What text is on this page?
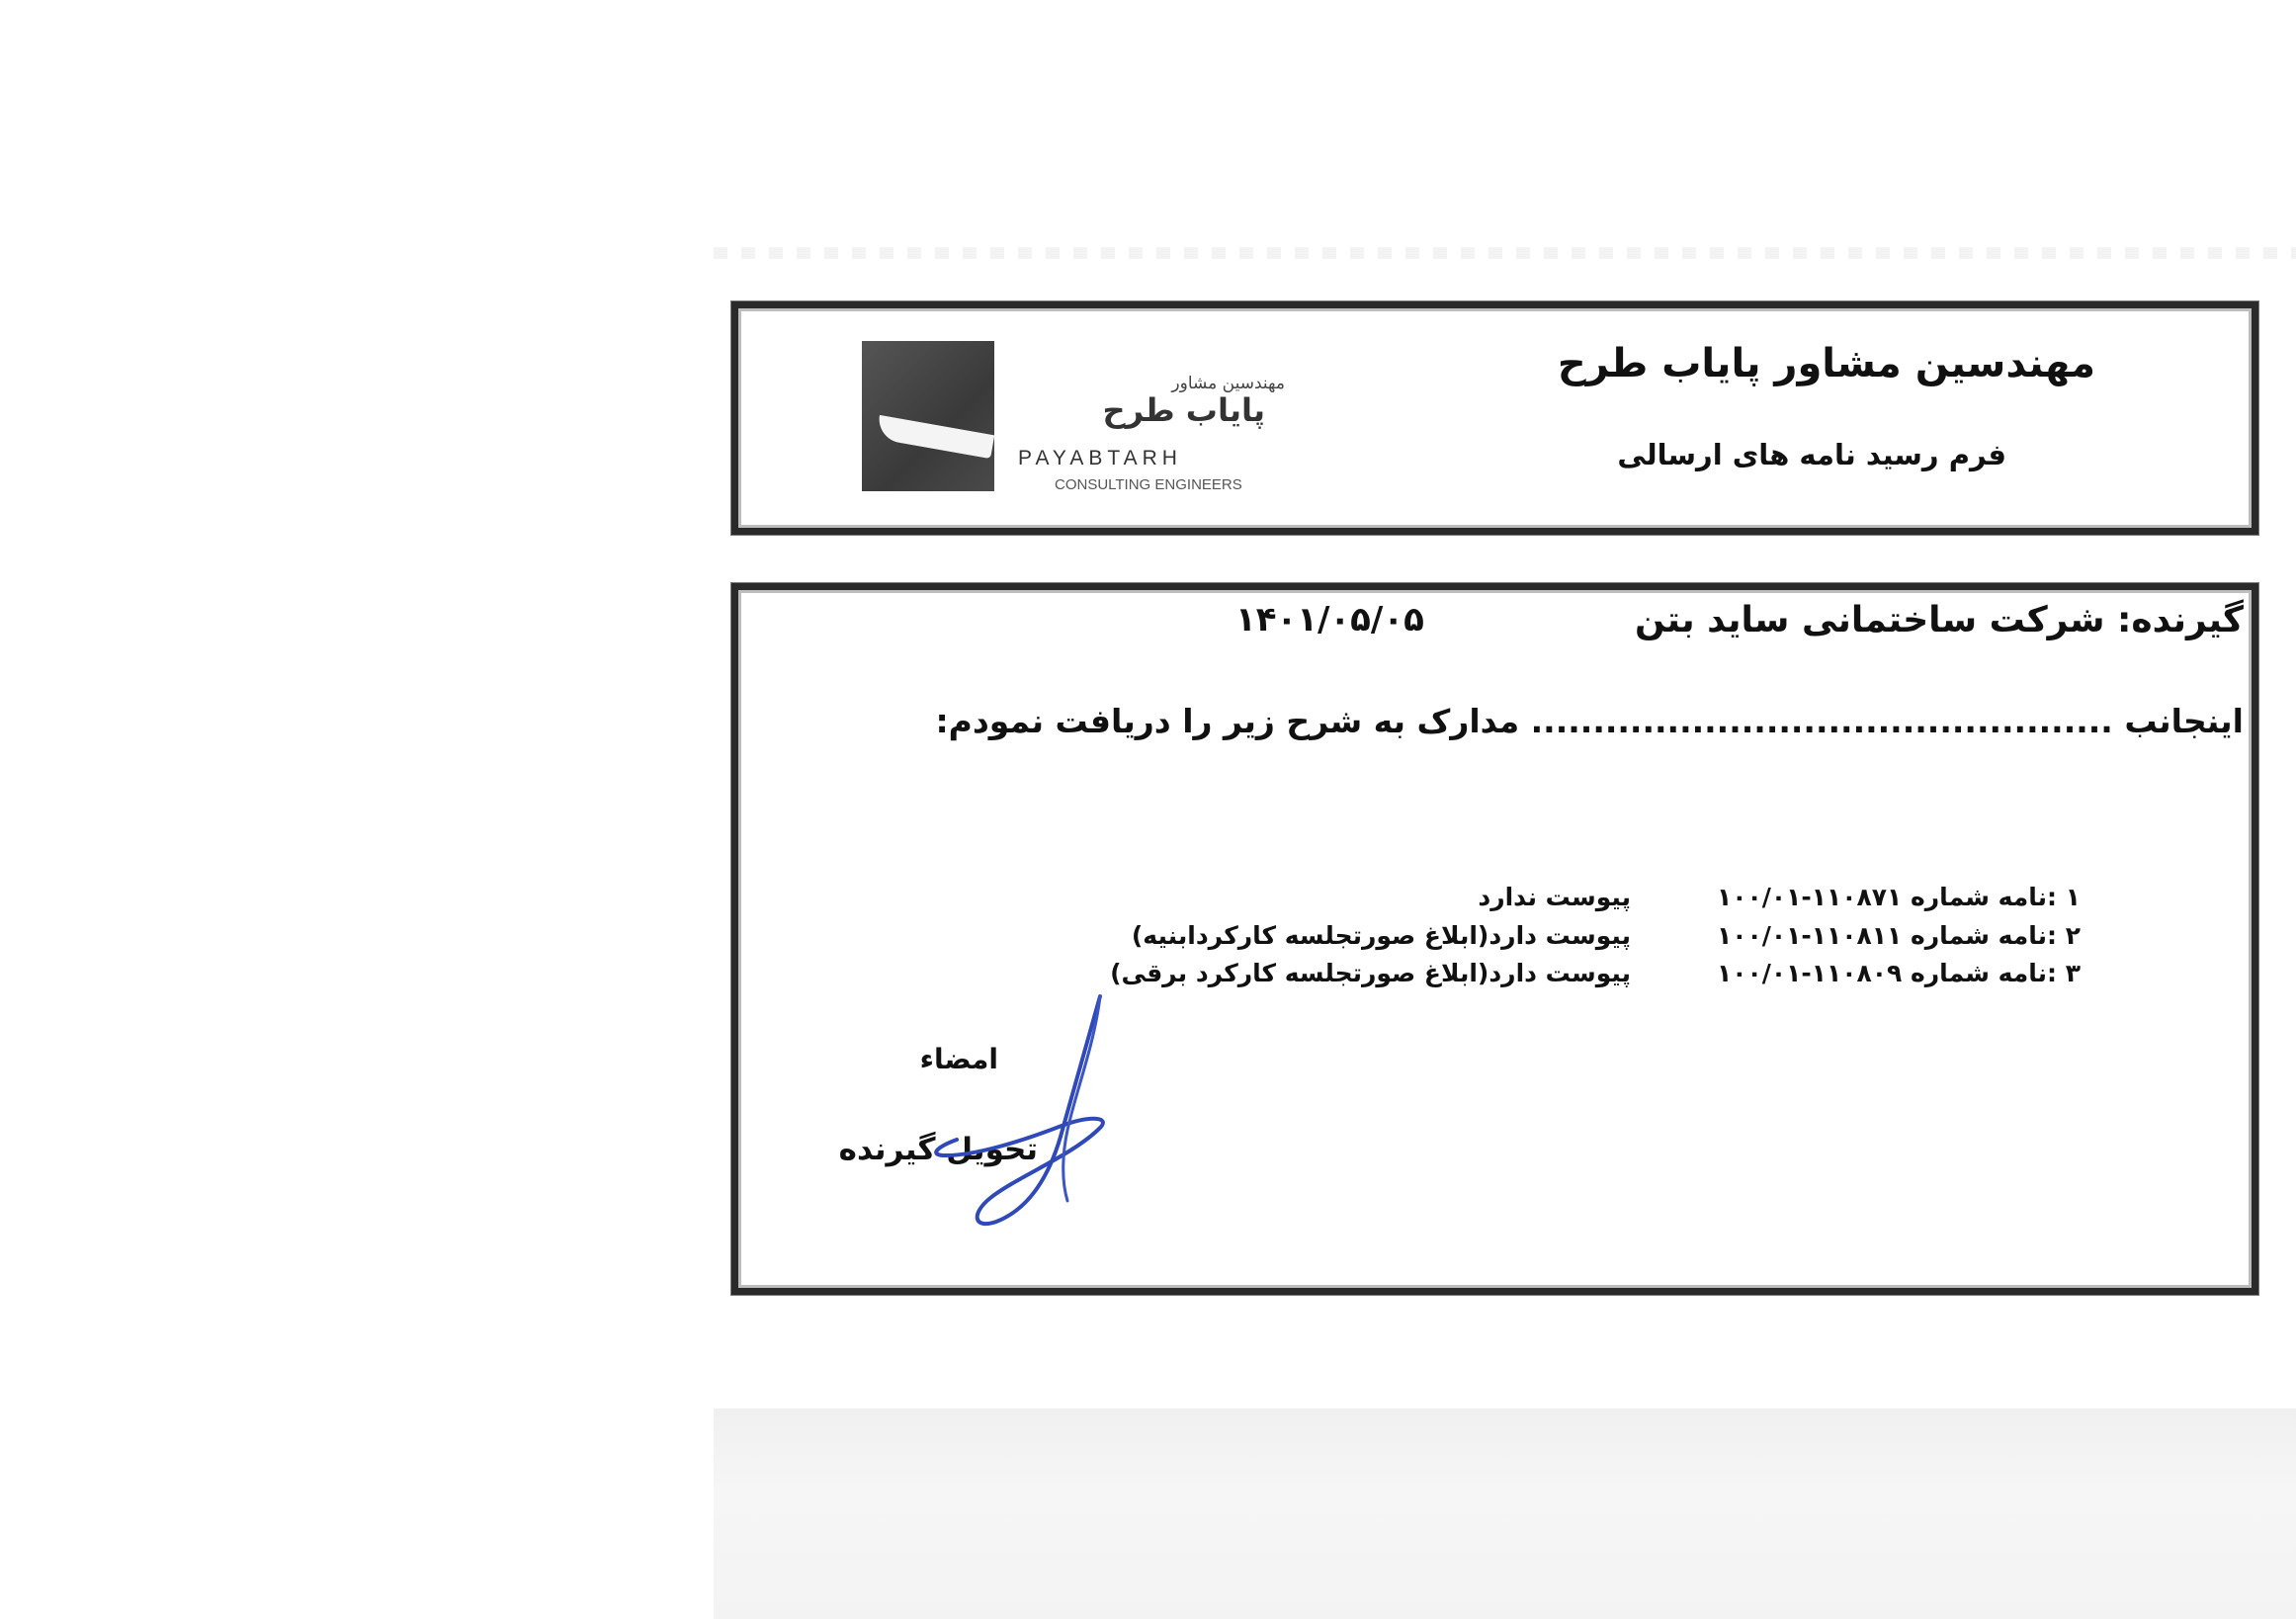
مهندسین مشاور
پایاب طرح
PAYABTARH
CONSULTING ENGINEERS
مهندسین مشاور پایاب طرح
فرم رسید نامه های ارسالی
گیرنده: شرکت ساختمانی ساید بتن
۱۴۰۱/۰۵/۰۵
اینجانب ............................................... مدارک به شرح زیر را دریافت نمودم:
۱ :نامه شماره ۱۱۰۸۷۱-۱۰۰/۰۱
پیوست ندارد
۲ :نامه شماره ۱۱۰۸۱۱-۱۰۰/۰۱
پیوست دارد(ابلاغ صورتجلسه کارکردابنیه)
۳ :نامه شماره ۱۱۰۸۰۹-۱۰۰/۰۱
پیوست دارد(ابلاغ صورتجلسه کارکرد برقی)
امضاء
تحویل گیرنده
